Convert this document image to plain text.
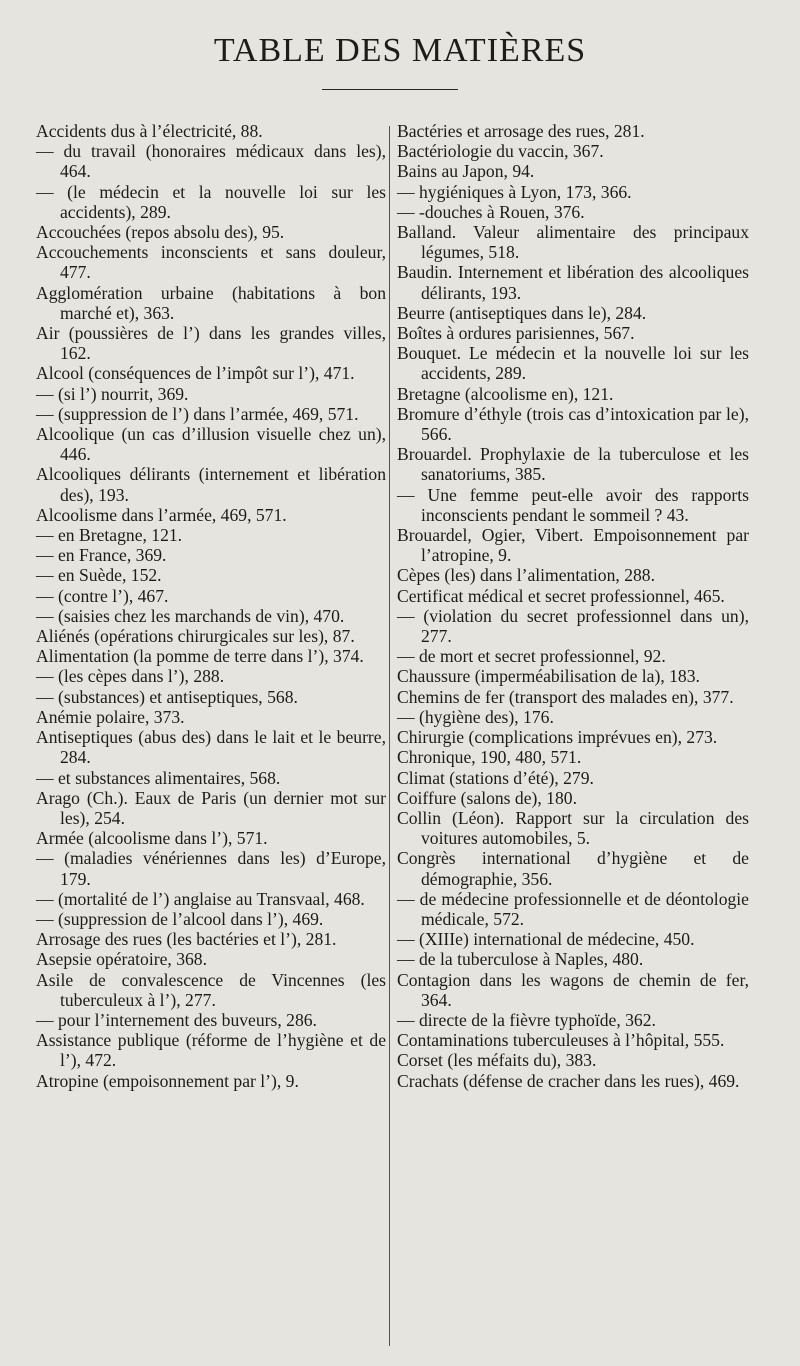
TABLE DES MATIÈRES
Accidents dus à l’électricité, 88.
— du travail (honoraires médicaux dans les), 464.
— (le médecin et la nouvelle loi sur les accidents), 289.
Accouchées (repos absolu des), 95.
Accouchements inconscients et sans douleur, 477.
Agglomération urbaine (habitations à bon marché et), 363.
Air (poussières de l’) dans les grandes villes, 162.
Alcool (conséquences de l’impôt sur l’), 471.
— (si l’) nourrit, 369.
— (suppression de l’) dans l’armée, 469, 571.
Alcoolique (un cas d’illusion visuelle chez un), 446.
Alcooliques délirants (internement et libération des), 193.
Alcoolisme dans l’armée, 469, 571.
— en Bretagne, 121.
— en France, 369.
— en Suède, 152.
— (contre l’), 467.
— (saisies chez les marchands de vin), 470.
Aliénés (opérations chirurgicales sur les), 87.
Alimentation (la pomme de terre dans l’), 374.
— (les cèpes dans l’), 288.
— (substances) et antiseptiques, 568.
Anémie polaire, 373.
Antiseptiques (abus des) dans le lait et le beurre, 284.
— et substances alimentaires, 568.
Arago (Ch.). Eaux de Paris (un dernier mot sur les), 254.
Armée (alcoolisme dans l’), 571.
— (maladies vénériennes dans les) d’Europe, 179.
— (mortalité de l’) anglaise au Transvaal, 468.
— (suppression de l’alcool dans l’), 469.
Arrosage des rues (les bactéries et l’), 281.
Asepsie opératoire, 368.
Asile de convalescence de Vincennes (les tuberculeux à l’), 277.
— pour l’internement des buveurs, 286.
Assistance publique (réforme de l’hygiène et de l’), 472.
Atropine (empoisonnement par l’), 9.
Bactéries et arrosage des rues, 281.
Bactériologie du vaccin, 367.
Bains au Japon, 94.
— hygiéniques à Lyon, 173, 366.
— -douches à Rouen, 376.
Balland. Valeur alimentaire des principaux légumes, 518.
Baudin. Internement et libération des alcooliques délirants, 193.
Beurre (antiseptiques dans le), 284.
Boîtes à ordures parisiennes, 567.
Bouquet. Le médecin et la nouvelle loi sur les accidents, 289.
Bretagne (alcoolisme en), 121.
Bromure d’éthyle (trois cas d’intoxication par le), 566.
Brouardel. Prophylaxie de la tuberculose et les sanatoriums, 385.
— Une femme peut-elle avoir des rapports inconscients pendant le sommeil ? 43.
Brouardel, Ogier, Vibert. Empoisonnement par l’atropine, 9.
Cèpes (les) dans l’alimentation, 288.
Certificat médical et secret professionnel, 465.
— (violation du secret professionnel dans un), 277.
— de mort et secret professionnel, 92.
Chaussure (imperméabilisation de la), 183.
Chemins de fer (transport des malades en), 377.
— (hygiène des), 176.
Chirurgie (complications imprévues en), 273.
Chronique, 190, 480, 571.
Climat (stations d’été), 279.
Coiffure (salons de), 180.
Collin (Léon). Rapport sur la circulation des voitures automobiles, 5.
Congrès international d’hygiène et de démographie, 356.
— de médecine professionnelle et de déontologie médicale, 572.
— (XIIIe) international de médecine, 450.
— de la tuberculose à Naples, 480.
Contagion dans les wagons de chemin de fer, 364.
— directe de la fièvre typhoïde, 362.
Contaminations tuberculeuses à l’hôpital, 555.
Corset (les méfaits du), 383.
Crachats (défense de cracher dans les rues), 469.
